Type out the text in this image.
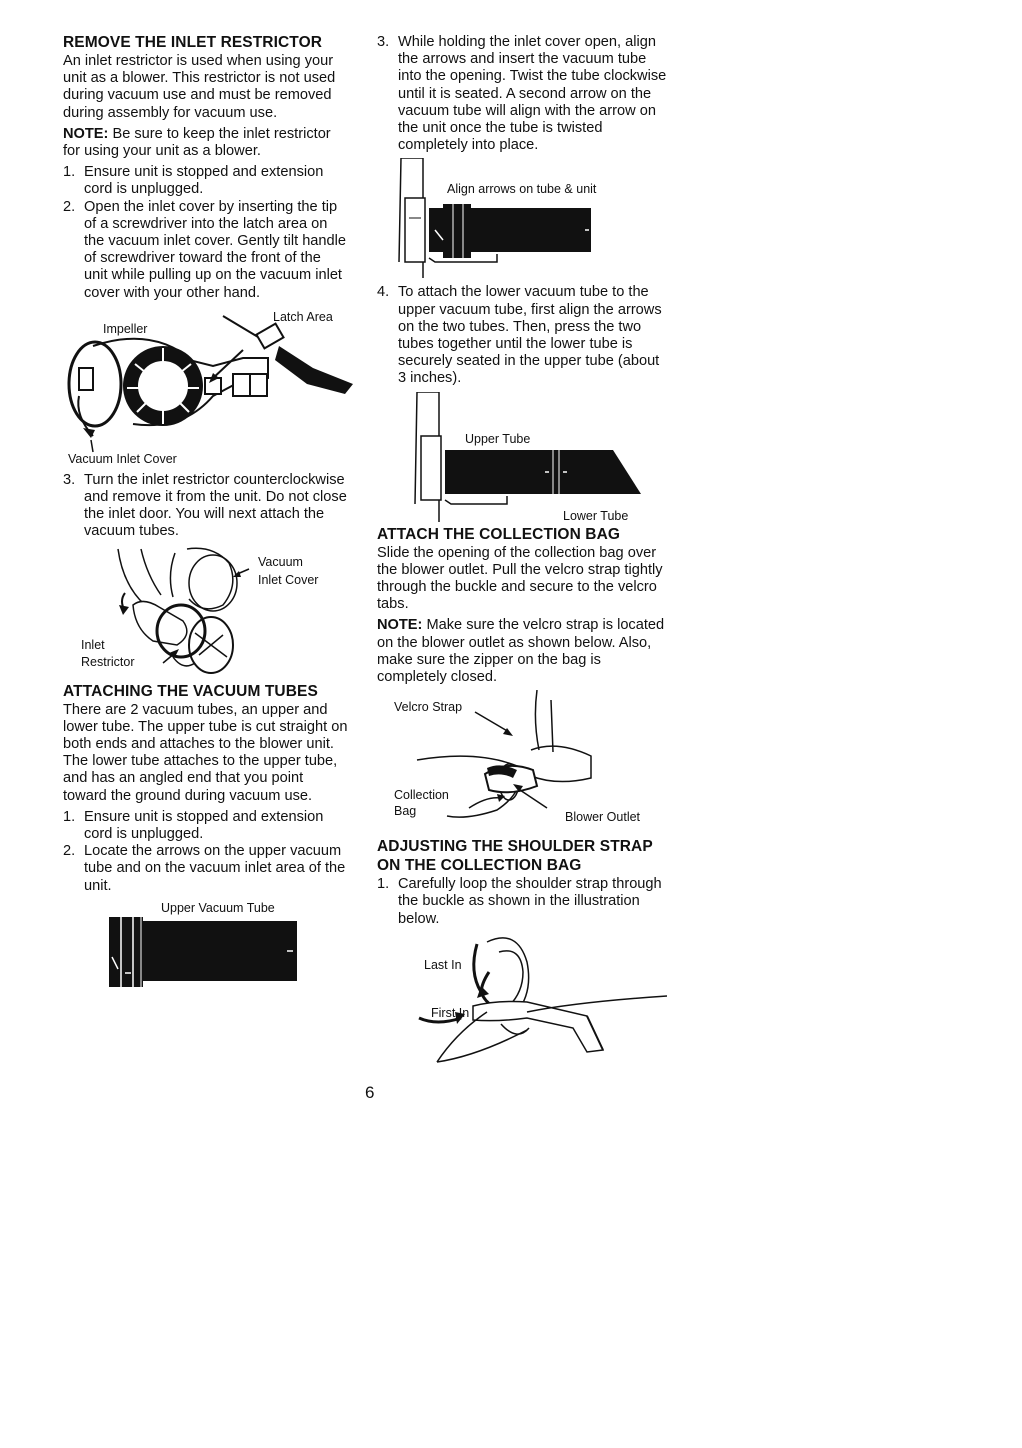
REMOVE THE INLET RESTRICTOR

An inlet restrictor is used when using your unit as a blower. This restrictor is not used during vacuum use and must be removed during assembly for vacuum use.

NOTE: Be sure to keep the inlet restrictor for using your unit as a blower.

1. Ensure unit is stopped and extension cord is unplugged.
2. Open the inlet cover by inserting the tip of a screwdriver into the latch area on the vacuum inlet cover. Gently tilt handle of screwdriver toward the front of the unit while pulling up on the vacuum inlet cover with your other hand.
Impeller
Latch Area
Vacuum Inlet Cover
3. Turn the inlet restrictor counterclockwise and remove it from the unit. Do not close the inlet door. You will next attach the vacuum tubes.
Vacuum
Inlet Cover
Inlet
Restrictor
ATTACHING THE VACUUM TUBES

There are 2 vacuum tubes, an upper and lower tube. The upper tube is cut straight on both ends and attaches to the blower unit. The lower tube attaches to the upper tube, and has an angled end that you point toward the ground during vacuum use.

1. Ensure unit is stopped and extension cord is unplugged.
2. Locate the arrows on the upper vacuum tube and on the vacuum inlet area of the unit.
Upper Vacuum Tube
3. While holding the inlet cover open, align the arrows and insert the vacuum tube into the opening. Twist the tube clockwise until it is seated. A second arrow on the vacuum tube will align with the arrow on the unit once the tube is twisted completely into place.
Align arrows on tube & unit
4. To attach the lower vacuum tube to the upper vacuum tube, first align the arrows on the two tubes. Then, press the two tubes together until the lower tube is securely seated in the upper tube (about 3 inches).
Upper Tube
Lower Tube
ATTACH THE COLLECTION BAG

Slide the opening of the collection bag over the blower outlet. Pull the velcro strap tightly through the buckle and secure to the velcro tabs.

NOTE: Make sure the velcro strap is located on the blower outlet as shown below. Also, make sure the zipper on the bag is completely closed.

Velcro Strap
Collection
Bag	Blower Outlet
ADJUSTING THE SHOULDER STRAP
ON THE COLLECTION BAG
1. Carefully loop the shoulder strap through the buckle as shown in the illustration below.
Last In
First In
6
